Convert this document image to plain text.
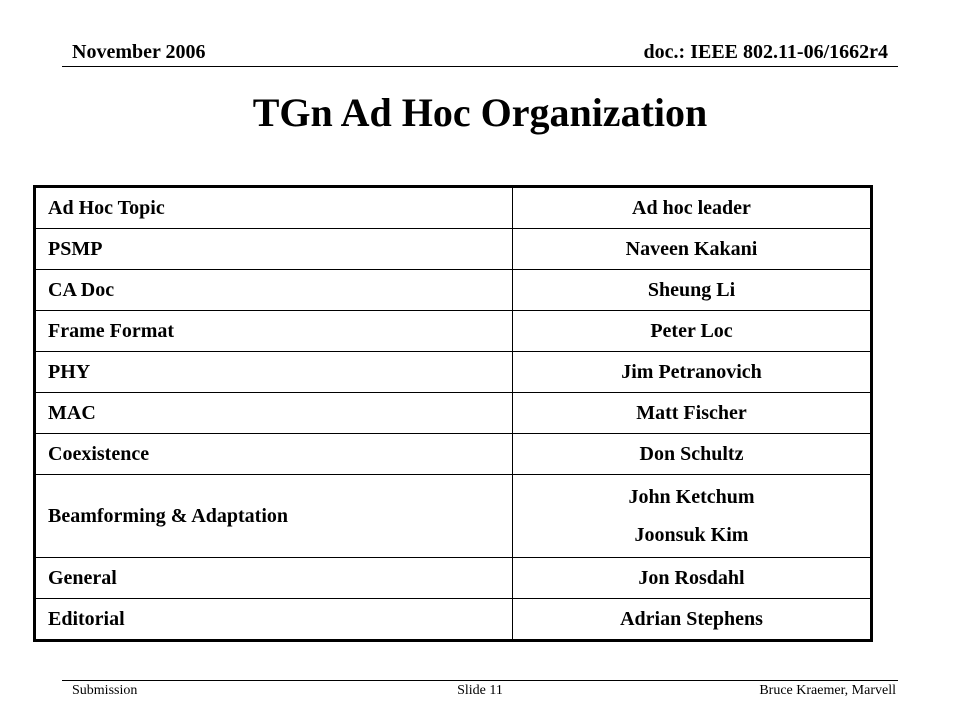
November 2006	doc.: IEEE 802.11-06/1662r4
TGn Ad Hoc Organization
Ad Hoc Topic	Ad hoc leader
PSMP	Naveen Kakani

CA Doc	Sheung Li

Frame Format	Peter Loc

PHY	Jim Petranovich

MAC	Matt Fischer

Coexistence	Don Schultz

Beamforming & Adaptation	John Ketchum
Joonsuk Kim

General	Jon Rosdahl

Editorial	Adrian Stephens
Submission	Slide 11	Bruce Kraemer, Marvell
